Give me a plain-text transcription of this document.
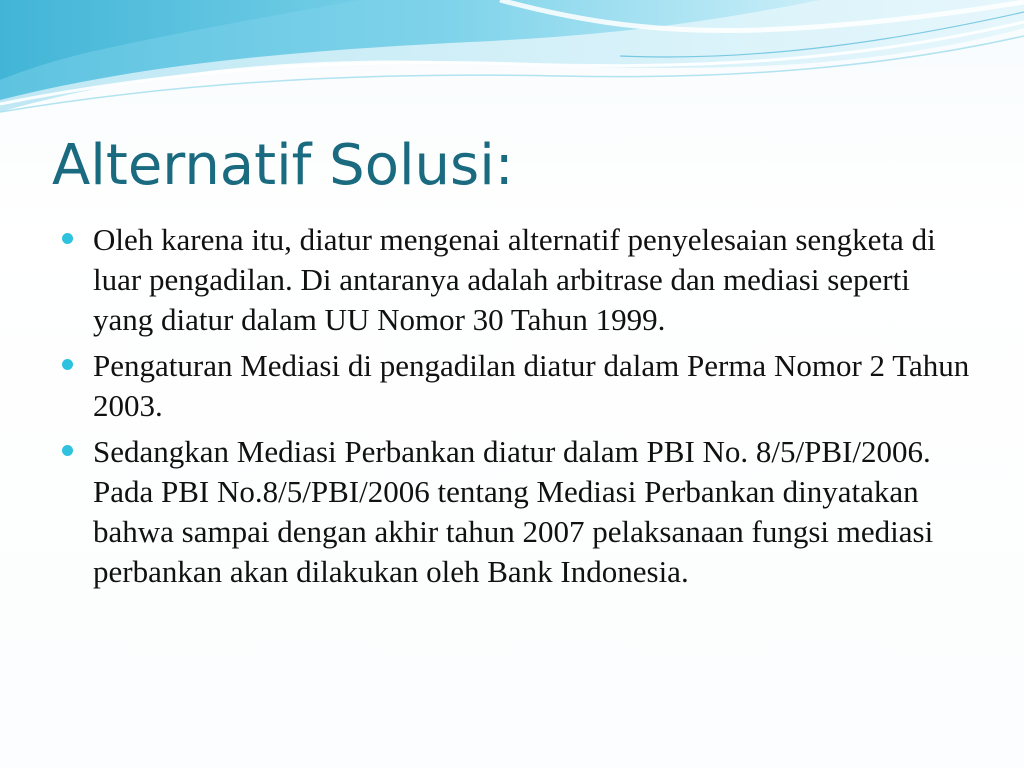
Alternatif Solusi:
Oleh karena itu, diatur mengenai alternatif penyelesaian sengketa di luar pengadilan. Di antaranya adalah arbitrase dan mediasi seperti yang diatur dalam UU Nomor 30 Tahun 1999.
Pengaturan Mediasi di pengadilan diatur dalam Perma Nomor 2 Tahun 2003.
Sedangkan Mediasi Perbankan diatur dalam PBI No. 8/5/PBI/2006. Pada PBI No.8/5/PBI/2006 tentang Mediasi Perbankan dinyatakan bahwa sampai dengan akhir tahun 2007 pelaksanaan fungsi mediasi perbankan akan dilakukan oleh Bank Indonesia.
